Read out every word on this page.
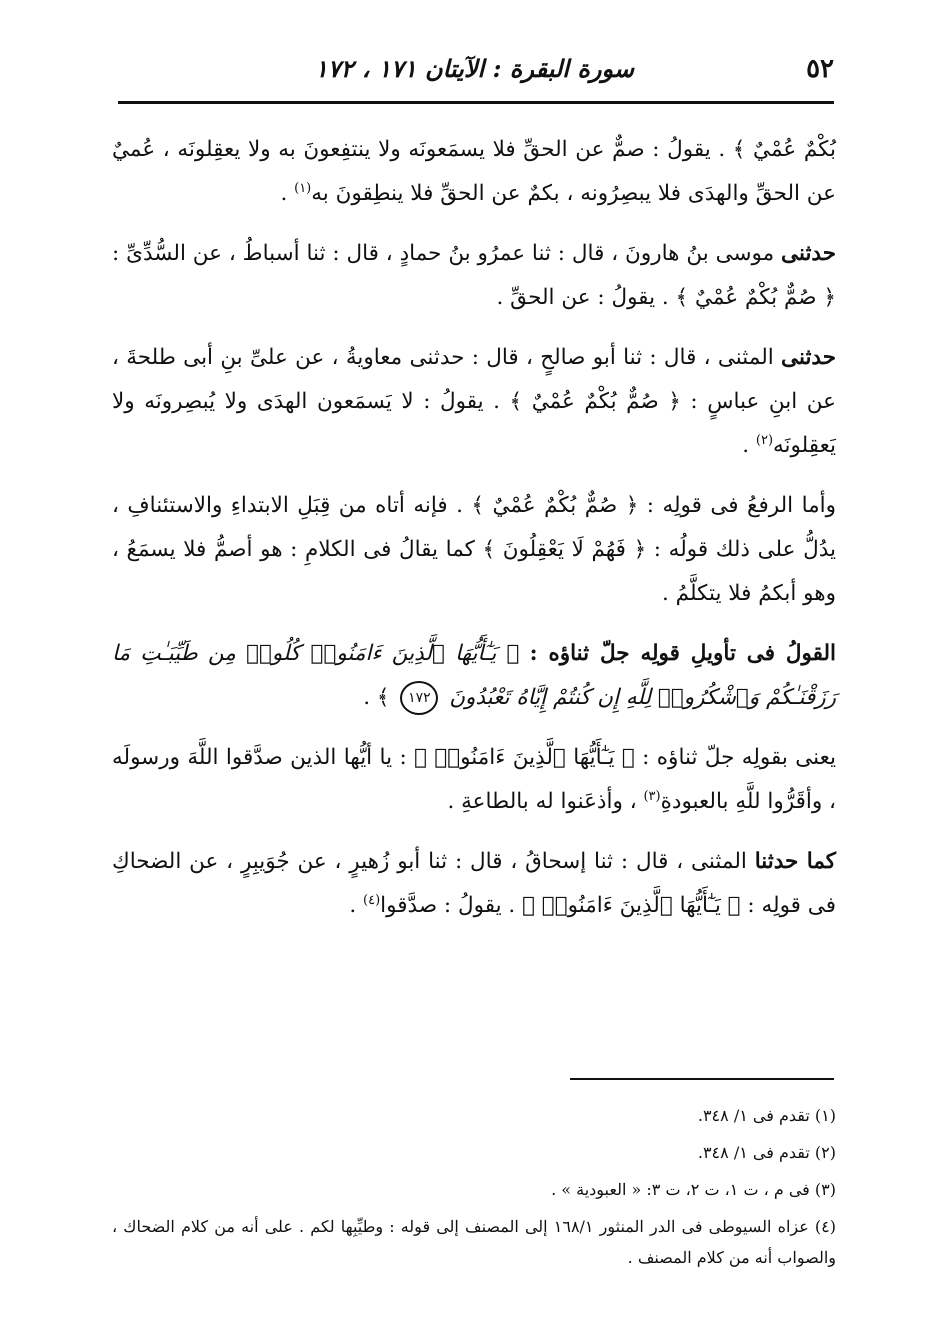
٥٢
سورة البقرة : الآيتان ١٧١ ، ١٧٢

بُكْمٌ عُمْيٌ ﴾ . يقولُ : صمٌّ عن الحقِّ فلا يسمَعونَه ولا ينتفِعونَ به ولا يعقِلونَه ، عُميٌ عن الحقِّ والهدَى فلا يبصِرُونه ، بكمٌ عن الحقِّ فلا ينطِقونَ به$^{(١)}$ .

حدثنى موسى بنُ هارونَ ، قال : ثنا عمرُو بنُ حمادٍ ، قال : ثنا أسباطُ ، عن السُّدِّىِّ : ﴿ صُمٌّ بُكْمٌ عُمْيٌ ﴾ . يقولُ : عن الحقِّ .

حدثنى المثنى ، قال : ثنا أبو صالحٍ ، قال : حدثنى معاويةُ ، عن علىِّ بنِ أبى طلحةَ ، عن ابنِ عباسٍ : ﴿ صُمٌّ بُكْمٌ عُمْيٌ ﴾ . يقولُ : لا يَسمَعون الهدَى ولا يُبصِرونَه ولا يَعقِلونَه$^{(٢)}$ .

وأما الرفعُ فى قولِه : ﴿ صُمٌّ بُكْمٌ عُمْيٌ ﴾ . فإنه أتاه من قِبَلِ الابتداءِ والاستئنافِ ، يدُلُّ على ذلك قولُه : ﴿ فَهُمْ لَا يَعْقِلُونَ ﴾ كما يقالُ فى الكلامِ : هو أصمُّ فلا يسمَعُ ، وهو أبكمُ فلا يتكلَّمُ .

القولُ فى تأويلِ قولِه جلّ ثناؤه : ﴿ يَـٰٓأَيُّهَا ٱلَّذِينَ ءَامَنُوا۟ كُلُوا۟ مِن طَيِّبَـٰتِ مَا رَزَقْنَـٰكُمْ وَٱشْكُرُوا۟ لِلَّهِ إِن كُنتُمْ إِيَّاهُ تَعْبُدُونَ ١٧٢ ﴾ .

يعنى بقولِه جلّ ثناؤه : ﴿ يَـٰٓأَيُّهَا ٱلَّذِينَ ءَامَنُوا۟ ﴾ : يا أيُّها الذين صدَّقوا اللَّهَ ورسولَه ، وأقَرُّوا للَّهِ بالعبودةِ$^{(٣)}$ ، وأذعَنوا له بالطاعةِ .

كما حدثنا المثنى ، قال : ثنا إسحاقُ ، قال : ثنا أبو زُهيرٍ ، عن جُوَيبِرٍ ، عن الضحاكِ فى قولِه : ﴿ يَـٰٓأَيُّهَا ٱلَّذِينَ ءَامَنُوا۟ ﴾ . يقولُ : صدَّقوا$^{(٤)}$ .

(١) تقدم فى ١/ ٣٤٨.

(٢) تقدم فى ١/ ٣٤٨.

(٣) فى م ، ت ١، ت ٢، ت ٣: « العبودية » .

(٤) عزاه السيوطى فى الدر المنثور ١٦٨/١ إلى المصنف إلى قوله : وطيِّبِها لكم . على أنه من كلام الضحاك ، والصواب أنه من كلام المصنف .
